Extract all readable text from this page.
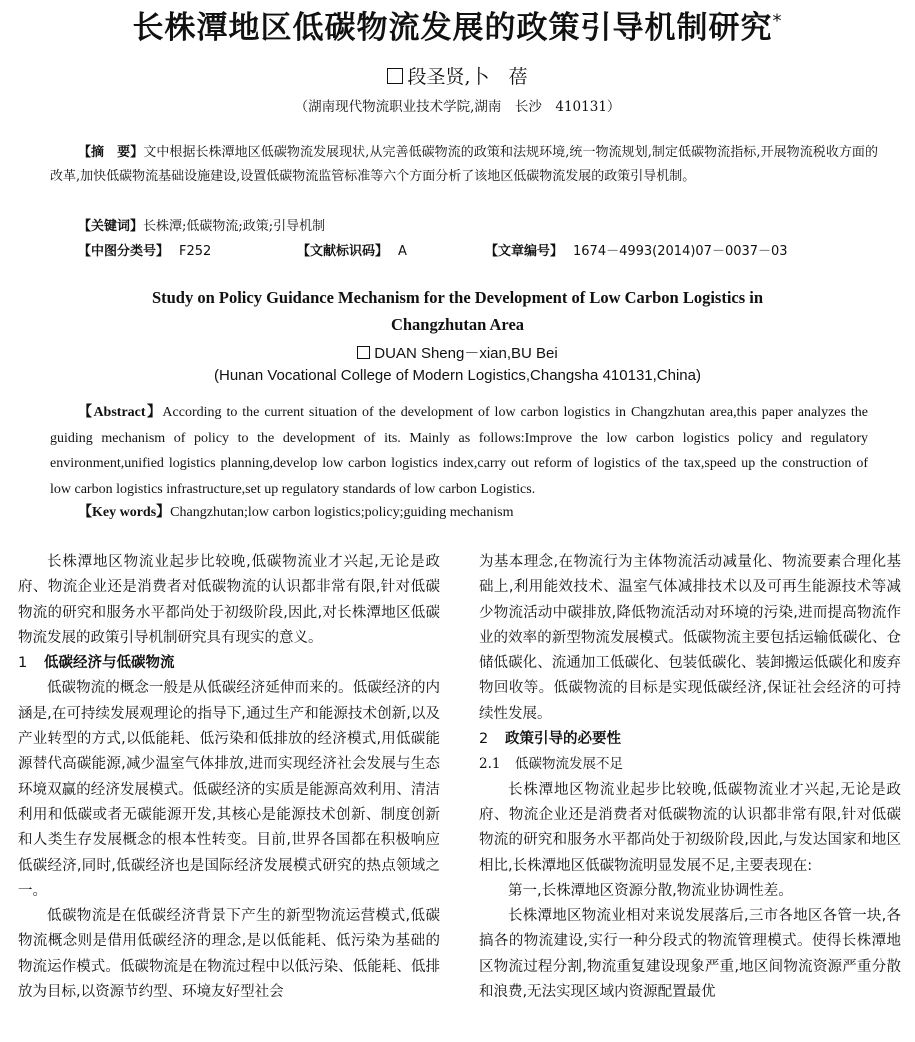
长株潭地区低碳物流发展的政策引导机制研究*
段圣贤,卜　蓓
（湖南现代物流职业技术学院,湖南　长沙　410131）
【摘　要】文中根据长株潭地区低碳物流发展现状,从完善低碳物流的政策和法规环境,统一物流规划,制定低碳物流指标,开展物流税收方面的改革,加快低碳物流基础设施建设,设置低碳物流监管标准等六个方面分析了该地区低碳物流发展的政策引导机制。
【关键词】长株潭;低碳物流;政策;引导机制
【中图分类号】 F252	【文献标识码】 A	【文章编号】 1674－4993(2014)07－0037－03
Study on Policy Guidance Mechanism for the Development of Low Carbon Logistics in
Changzhutan Area
DUAN Sheng－xian,BU Bei
(Hunan Vocational College of Modern Logistics,Changsha 410131,China)
【Abstract】According to the current situation of the development of low carbon logistics in Changzhutan area,this paper analyzes the guiding mechanism of policy to the development of its. Mainly as follows:Improve the low carbon logistics policy and regulatory environment,unified logistics planning,develop low carbon logistics index,carry out reform of logistics of the tax,speed up the construction of low carbon logistics infrastructure,set up regulatory standards of low carbon Logistics.
【Key words】Changzhutan;low carbon logistics;policy;guiding mechanism

长株潭地区物流业起步比较晚,低碳物流业才兴起,无论是政府、物流企业还是消费者对低碳物流的认识都非常有限,针对低碳物流的研究和服务水平都尚处于初级阶段,因此,对长株潭地区低碳物流发展的政策引导机制研究具有现实的意义。

1 低碳经济与低碳物流

低碳物流的概念一般是从低碳经济延伸而来的。低碳经济的内涵是,在可持续发展观理论的指导下,通过生产和能源技术创新,以及产业转型的方式,以低能耗、低污染和低排放的经济模式,用低碳能源替代高碳能源,减少温室气体排放,进而实现经济社会发展与生态环境双赢的经济发展模式。低碳经济的实质是能源高效利用、清洁利用和低碳或者无碳能源开发,其核心是能源技术创新、制度创新和人类生存发展概念的根本性转变。目前,世界各国都在积极响应低碳经济,同时,低碳经济也是国际经济发展模式研究的热点领域之一。

低碳物流是在低碳经济背景下产生的新型物流运营模式,低碳物流概念则是借用低碳经济的理念,是以低能耗、低污染为基础的物流运作模式。低碳物流是在物流过程中以低污染、低能耗、低排放为目标,以资源节约型、环境友好型社会

为基本理念,在物流行为主体物流活动减量化、物流要素合理化基础上,利用能效技术、温室气体减排技术以及可再生能源技术等减少物流活动中碳排放,降低物流活动对环境的污染,进而提高物流作业的效率的新型物流发展模式。低碳物流主要包括运输低碳化、仓储低碳化、流通加工低碳化、包装低碳化、装卸搬运低碳化和废弃物回收等。低碳物流的目标是实现低碳经济,保证社会经济的可持续性发展。

2 政策引导的必要性
2.1 低碳物流发展不足

长株潭地区物流业起步比较晚,低碳物流业才兴起,无论是政府、物流企业还是消费者对低碳物流的认识都非常有限,针对低碳物流的研究和服务水平都尚处于初级阶段,因此,与发达国家和地区相比,长株潭地区低碳物流明显发展不足,主要表现在:

第一,长株潭地区资源分散,物流业协调性差。

长株潭地区物流业相对来说发展落后,三市各地区各管一块,各搞各的物流建设,实行一种分段式的物流管理模式。使得长株潭地区物流过程分割,物流重复建设现象严重,地区间物流资源严重分散和浪费,无法实现区域内资源配置最优
